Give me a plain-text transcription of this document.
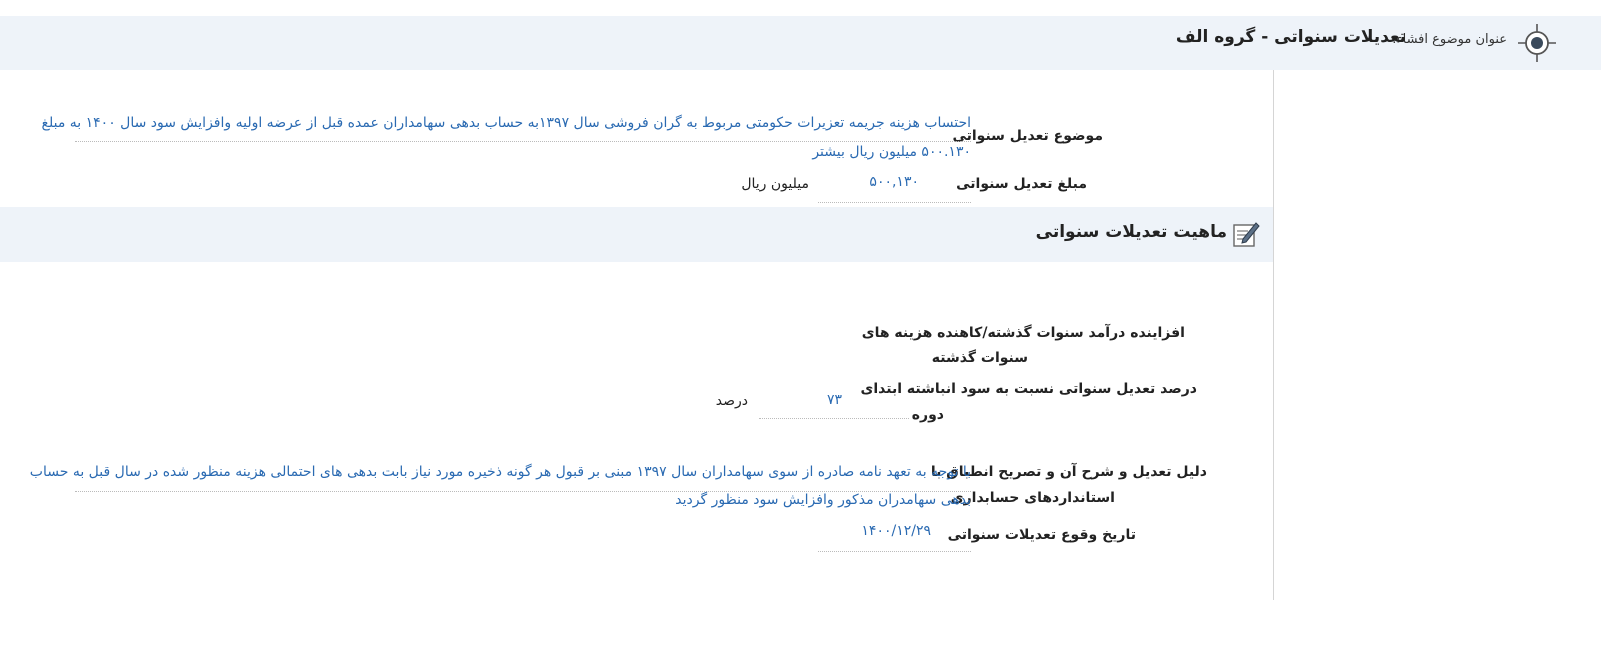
عنوان موضوع افشاء:
تعدیلات سنواتی - گروه الف
موضوع تعدیل سنواتی
احتساب هزینه جریمه تعزیرات حکومتی مربوط به گران فروشی سال ۱۳۹۷به حساب بدهی سهامداران عمده قبل از عرضه اولیه وافزایش سود سال ۱۴۰۰ به مبلغ
۵۰۰.۱۳۰ میلیون ریال بیشتر
مبلغ تعدیل سنواتی
۵۰۰,۱۳۰
میلیون ریال
ماهیت تعدیلات سنواتی
افزاینده درآمد سنوات گذشته/کاهنده هزینه های
سنوات گذشته
درصد تعدیل سنواتی نسبت به سود انباشته ابتدای
دوره
۷۳
درصد
دلیل تعدیل و شرح آن و تصریح انطباق با
استانداردهای حسابداری
با توجه به تعهد نامه صادره از سوی سهامداران سال ۱۳۹۷ مبنی بر قبول هر گونه ذخیره مورد نیاز بابت بدهی های احتمالی هزینه منظور شده در سال قبل به حساب
بدهی سهامدران مذکور وافزایش سود منظور گردید
تاریخ وقوع تعدیلات سنواتی
۱۴۰۰/۱۲/۲۹
